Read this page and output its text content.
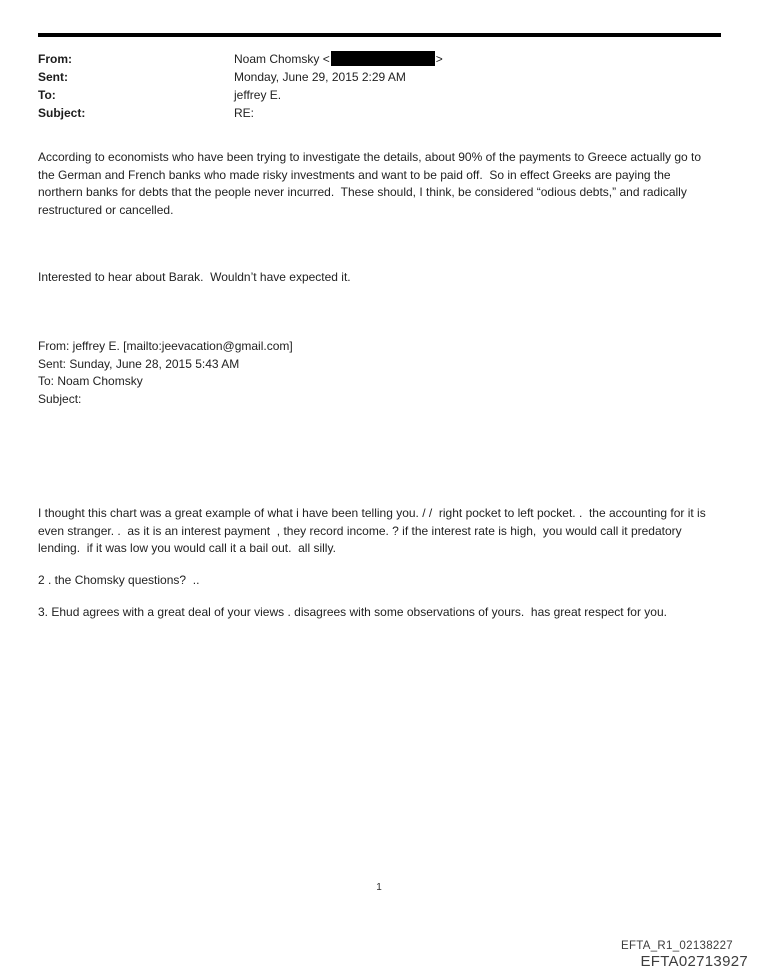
From:	Noam Chomsky <	>
Sent:	Monday, June 29, 2015 2:29 AM
To:	jeffrey E.
Subject:	RE:
According to economists who have been trying to investigate the details, about 90% of the payments to Greece actually go to the German and French banks who made risky investments and want to be paid off.  So in effect Greeks are paying the northern banks for debts that the people never incurred.  These should, I think, be considered “odious debts,” and radically restructured or cancelled.
Interested to hear about Barak.  Wouldn’t have expected it.
From: jeffrey E. [mailto:jeevacation@gmail.com]
Sent: Sunday, June 28, 2015 5:43 AM
To: Noam Chomsky
Subject:
I thought this chart was a great example of what i have been telling you. / /  right pocket to left pocket. .  the accounting for it is even stranger. .  as it is an interest payment  , they record income. ? if the interest rate is high,  you would call it predatory lending.  if it was low you would call it a bail out.  all silly.
2 . the Chomsky questions?  ..
3. Ehud agrees with a great deal of your views . disagrees with some observations of yours.  has great respect for you.
1
EFTA_R1_02138227
EFTA02713927
